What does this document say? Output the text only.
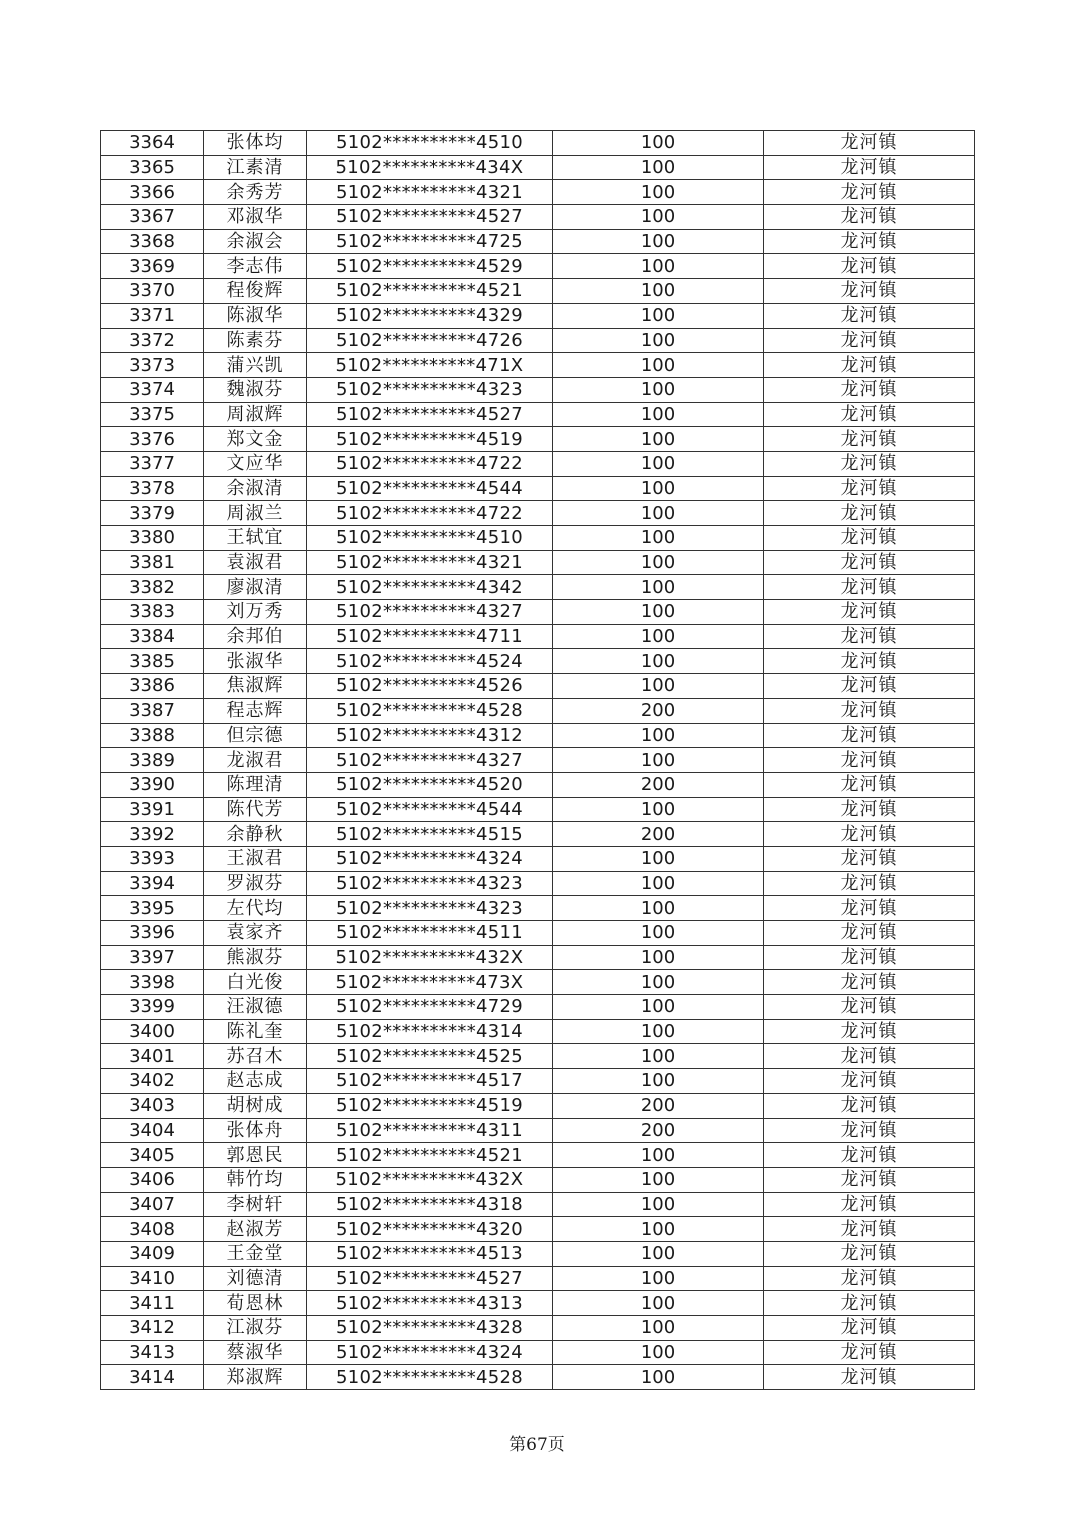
3364	张体均	5102**********4510	100	龙河镇
3365	江素清	5102**********434X	100	龙河镇
3366	余秀芳	5102**********4321	100	龙河镇
3367	邓淑华	5102**********4527	100	龙河镇
3368	余淑会	5102**********4725	100	龙河镇
3369	李志伟	5102**********4529	100	龙河镇
3370	程俊辉	5102**********4521	100	龙河镇
3371	陈淑华	5102**********4329	100	龙河镇
3372	陈素芬	5102**********4726	100	龙河镇
3373	蒲兴凯	5102**********471X	100	龙河镇
3374	魏淑芬	5102**********4323	100	龙河镇
3375	周淑辉	5102**********4527	100	龙河镇
3376	郑文金	5102**********4519	100	龙河镇
3377	文应华	5102**********4722	100	龙河镇
3378	余淑清	5102**********4544	100	龙河镇
3379	周淑兰	5102**********4722	100	龙河镇
3380	王轼宜	5102**********4510	100	龙河镇
3381	袁淑君	5102**********4321	100	龙河镇
3382	廖淑清	5102**********4342	100	龙河镇
3383	刘万秀	5102**********4327	100	龙河镇
3384	余邦伯	5102**********4711	100	龙河镇
3385	张淑华	5102**********4524	100	龙河镇
3386	焦淑辉	5102**********4526	100	龙河镇
3387	程志辉	5102**********4528	200	龙河镇
3388	但宗德	5102**********4312	100	龙河镇
3389	龙淑君	5102**********4327	100	龙河镇
3390	陈理清	5102**********4520	200	龙河镇
3391	陈代芳	5102**********4544	100	龙河镇
3392	余静秋	5102**********4515	200	龙河镇
3393	王淑君	5102**********4324	100	龙河镇
3394	罗淑芬	5102**********4323	100	龙河镇
3395	左代均	5102**********4323	100	龙河镇
3396	袁家齐	5102**********4511	100	龙河镇
3397	熊淑芬	5102**********432X	100	龙河镇
3398	白光俊	5102**********473X	100	龙河镇
3399	汪淑德	5102**********4729	100	龙河镇
3400	陈礼奎	5102**********4314	100	龙河镇
3401	苏召木	5102**********4525	100	龙河镇
3402	赵志成	5102**********4517	100	龙河镇
3403	胡树成	5102**********4519	200	龙河镇
3404	张体舟	5102**********4311	200	龙河镇
3405	郭恩民	5102**********4521	100	龙河镇
3406	韩竹均	5102**********432X	100	龙河镇
3407	李树轩	5102**********4318	100	龙河镇
3408	赵淑芳	5102**********4320	100	龙河镇
3409	王金堂	5102**********4513	100	龙河镇
3410	刘德清	5102**********4527	100	龙河镇
3411	荀恩林	5102**********4313	100	龙河镇
3412	江淑芬	5102**********4328	100	龙河镇
3413	蔡淑华	5102**********4324	100	龙河镇
3414	郑淑辉	5102**********4528	100	龙河镇
第67页
